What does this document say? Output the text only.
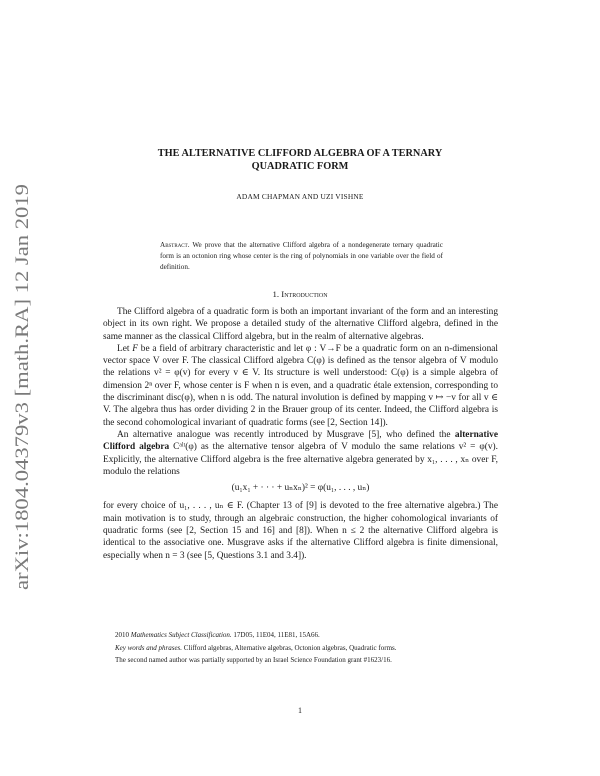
arXiv:1804.04379v3 [math.RA] 12 Jan 2019
THE ALTERNATIVE CLIFFORD ALGEBRA OF A TERNARY
QUADRATIC FORM
ADAM CHAPMAN AND UZI VISHNE
Abstract. We prove that the alternative Clifford algebra of a nondegenerate ternary quadratic form is an octonion ring whose center is the ring of polynomials in one variable over the field of definition.
1. Introduction

The Clifford algebra of a quadratic form is both an important invariant of the form and an interesting object in its own right. We propose a detailed study of the alternative Clifford algebra, defined in the same manner as the classical Clifford algebra, but in the realm of alternative algebras.

Let F be a field of arbitrary characteristic and let φ : V→F be a quadratic form on an n-dimensional vector space V over F. The classical Clifford algebra C(φ) is defined as the tensor algebra of V modulo the relations v² = φ(v) for every v ∈ V. Its structure is well understood: C(φ) is a simple algebra of dimension 2ⁿ over F, whose center is F when n is even, and a quadratic étale extension, corresponding to the discriminant disc(φ), when n is odd. The natural involution is defined by mapping v ↦ −v for all v ∈ V. The algebra thus has order dividing 2 in the Brauer group of its center. Indeed, the Clifford algebra is the second cohomological invariant of quadratic forms (see [2, Section 14]).

An alternative analogue was recently introduced by Musgrave [5], who defined the alternative Clifford algebra Cᵃˡᵗ(φ) as the alternative tensor algebra of V modulo the same relations v² = φ(v). Explicitly, the alternative Clifford algebra is the free alternative algebra generated by x₁, . . . , xₙ over F, modulo the relations

(u₁x₁ + · · · + uₙxₙ)² = φ(u₁, . . . , uₙ)

for every choice of u₁, . . . , uₙ ∈ F. (Chapter 13 of [9] is devoted to the free alternative algebra.) The main motivation is to study, through an algebraic construction, the higher cohomological invariants of quadratic forms (see [2, Section 15 and 16] and [8]). When n ≤ 2 the alternative Clifford algebra is identical to the associative one. Musgrave asks if the alternative Clifford algebra is finite dimensional, especially when n = 3 (see [5, Questions 3.1 and 3.4]).

2010 Mathematics Subject Classification. 17D05, 11E04, 11E81, 15A66.

Key words and phrases. Clifford algebras, Alternative algebras, Octonion algebras, Quadratic forms.

The second named author was partially supported by an Israel Science Foundation grant #1623/16.

1
